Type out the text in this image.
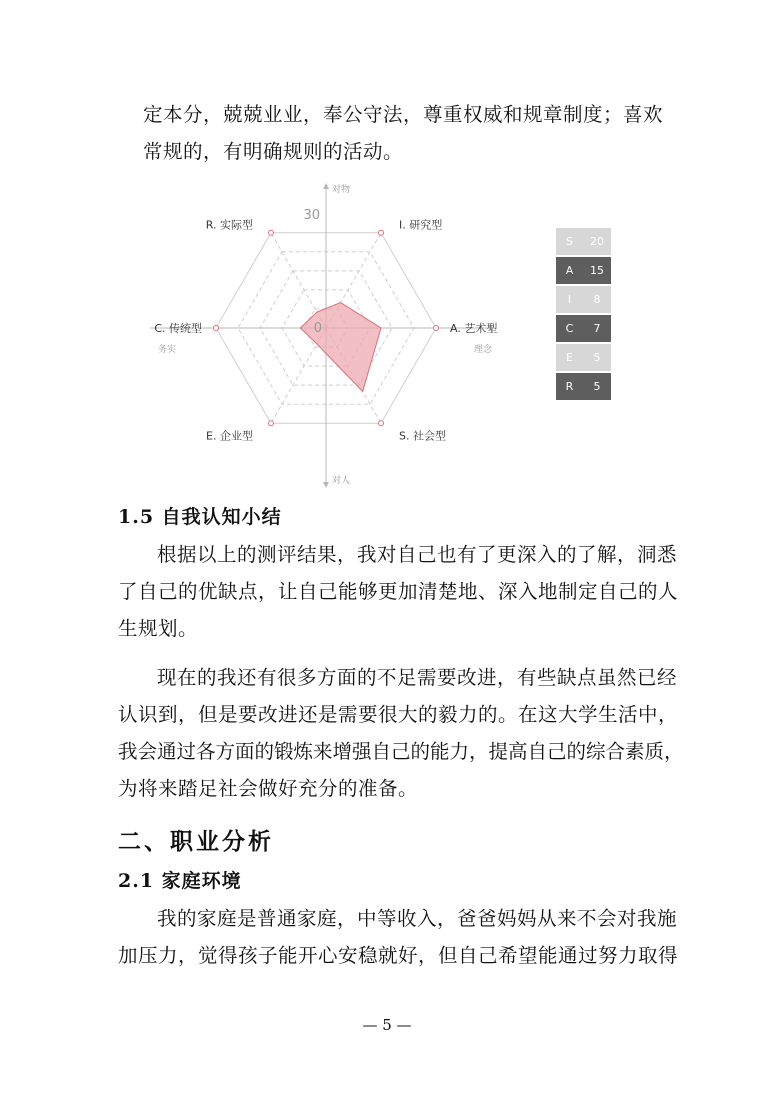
定本分，兢兢业业，奉公守法，尊重权威和规章制度；喜欢
常规的，有明确规则的活动。
R. 实际型	I. 研究型
A. 艺术型
S. 社会型
E. 企业型
C. 传统型
30
0
对物
对人
务实	理念
S	20
A	15
I	8
C	7
E	5
R	5
1.5 自我认知小结
根据以上的测评结果，我对自己也有了更深入的了解，洞悉
了自己的优缺点，让自己能够更加清楚地、深入地制定自己的人
生规划。
现在的我还有很多方面的不足需要改进，有些缺点虽然已经
认识到，但是要改进还是需要很大的毅力的。在这大学生活中，
我会通过各方面的锻炼来增强自己的能力，提高自己的综合素质，
为将来踏足社会做好充分的准备。
二、职业分析
2.1 家庭环境
我的家庭是普通家庭，中等收入，爸爸妈妈从来不会对我施
加压力，觉得孩子能开心安稳就好，但自己希望能通过努力取得
— 5 —
